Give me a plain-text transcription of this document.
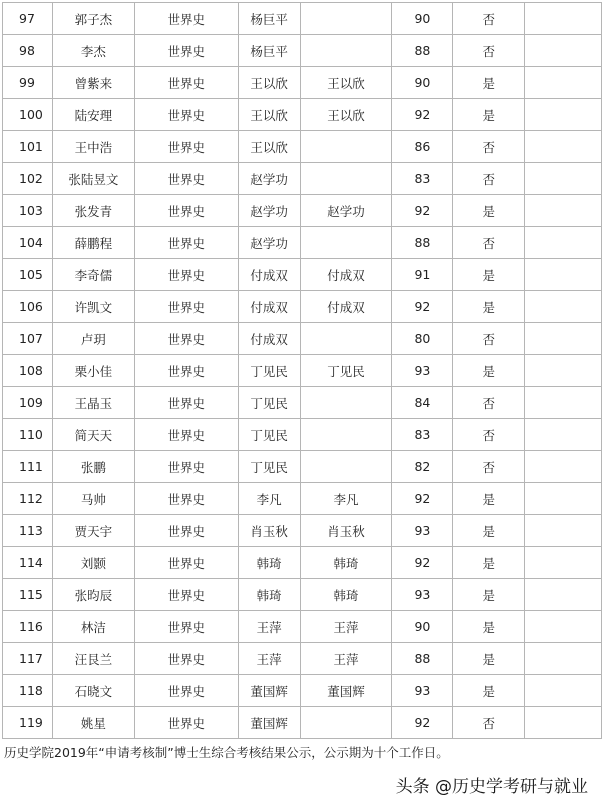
97	郭子杰	世界史	杨巨平		90	否	
98	李杰	世界史	杨巨平		88	否	
99	曾紫来	世界史	王以欣	王以欣	90	是	
100	陆安理	世界史	王以欣	王以欣	92	是	
101	王中浩	世界史	王以欣		86	否	
102	张陆昱文	世界史	赵学功		83	否	
103	张发青	世界史	赵学功	赵学功	92	是	
104	薛鹏程	世界史	赵学功		88	否	
105	李奇儒	世界史	付成双	付成双	91	是	
106	许凯文	世界史	付成双	付成双	92	是	
107	卢玥	世界史	付成双		80	否	
108	栗小佳	世界史	丁见民	丁见民	93	是	
109	王晶玉	世界史	丁见民		84	否	
110	简天天	世界史	丁见民		83	否	
111	张鹏	世界史	丁见民		82	否	
112	马帅	世界史	李凡	李凡	92	是	
113	贾天宇	世界史	肖玉秋	肖玉秋	93	是	
114	刘颢	世界史	韩琦	韩琦	92	是	
115	张昀辰	世界史	韩琦	韩琦	93	是	
116	林洁	世界史	王萍	王萍	90	是	
117	汪艮兰	世界史	王萍	王萍	88	是	
118	石晓文	世界史	董国辉	董国辉	93	是	
119	姚星	世界史	董国辉		92	否	
历史学院2019年“申请考核制”博士生综合考核结果公示，公示期为十个工作日。
头条 @历史学考研与就业
